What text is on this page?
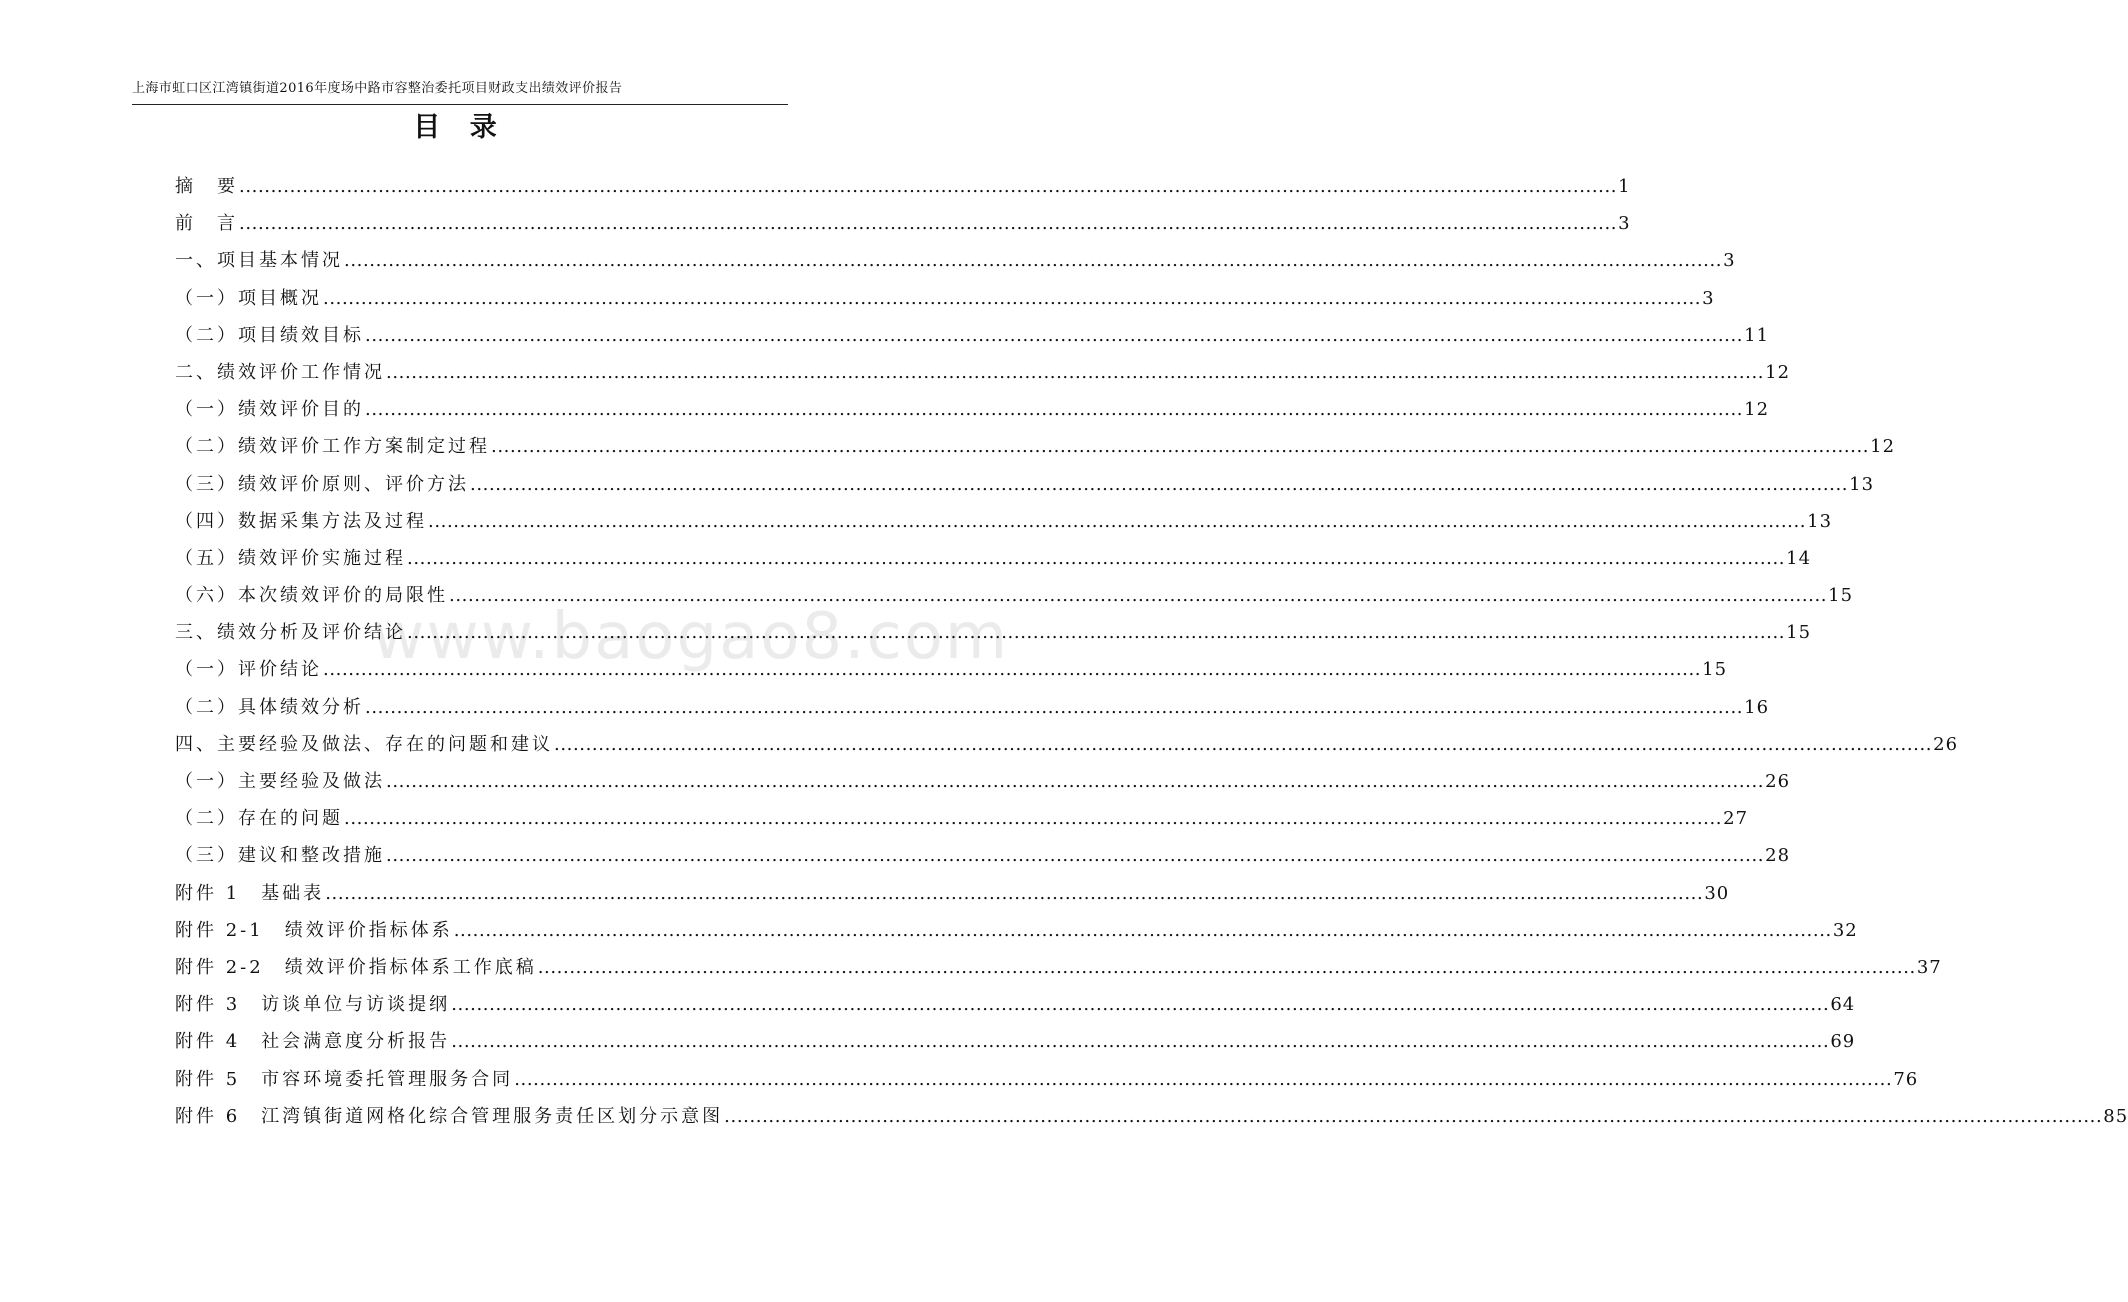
上海市虹口区江湾镇街道2016年度场中路市容整治委托项目财政支出绩效评价报告
目 录
www.baogao8.com
摘　要 .....	1
前　言 .....	3
一、项目基本情况 .....	3
（一）项目概况 .....	3
（二）项目绩效目标 .....	11
二、绩效评价工作情况 .....	12
（一）绩效评价目的 .....	12
（二）绩效评价工作方案制定过程 .....	12
（三）绩效评价原则、评价方法 .....	13
（四）数据采集方法及过程 .....	13
（五）绩效评价实施过程 .....	14
（六）本次绩效评价的局限性 .....	15
三、绩效分析及评价结论 .....	15
（一）评价结论 .....	15
（二）具体绩效分析 .....	16
四、主要经验及做法、存在的问题和建议 .....	26
（一）主要经验及做法 .....	26
（二）存在的问题 .....	27
（三）建议和整改措施 .....	28
附件 1　基础表 .....	30
附件 2-1　绩效评价指标体系 .....	32
附件 2-2　绩效评价指标体系工作底稿 .....	37
附件 3　访谈单位与访谈提纲 .....	64
附件 4　社会满意度分析报告 .....	69
附件 5　市容环境委托管理服务合同 .....	76
附件 6　江湾镇街道网格化综合管理服务责任区划分示意图 .....	85
